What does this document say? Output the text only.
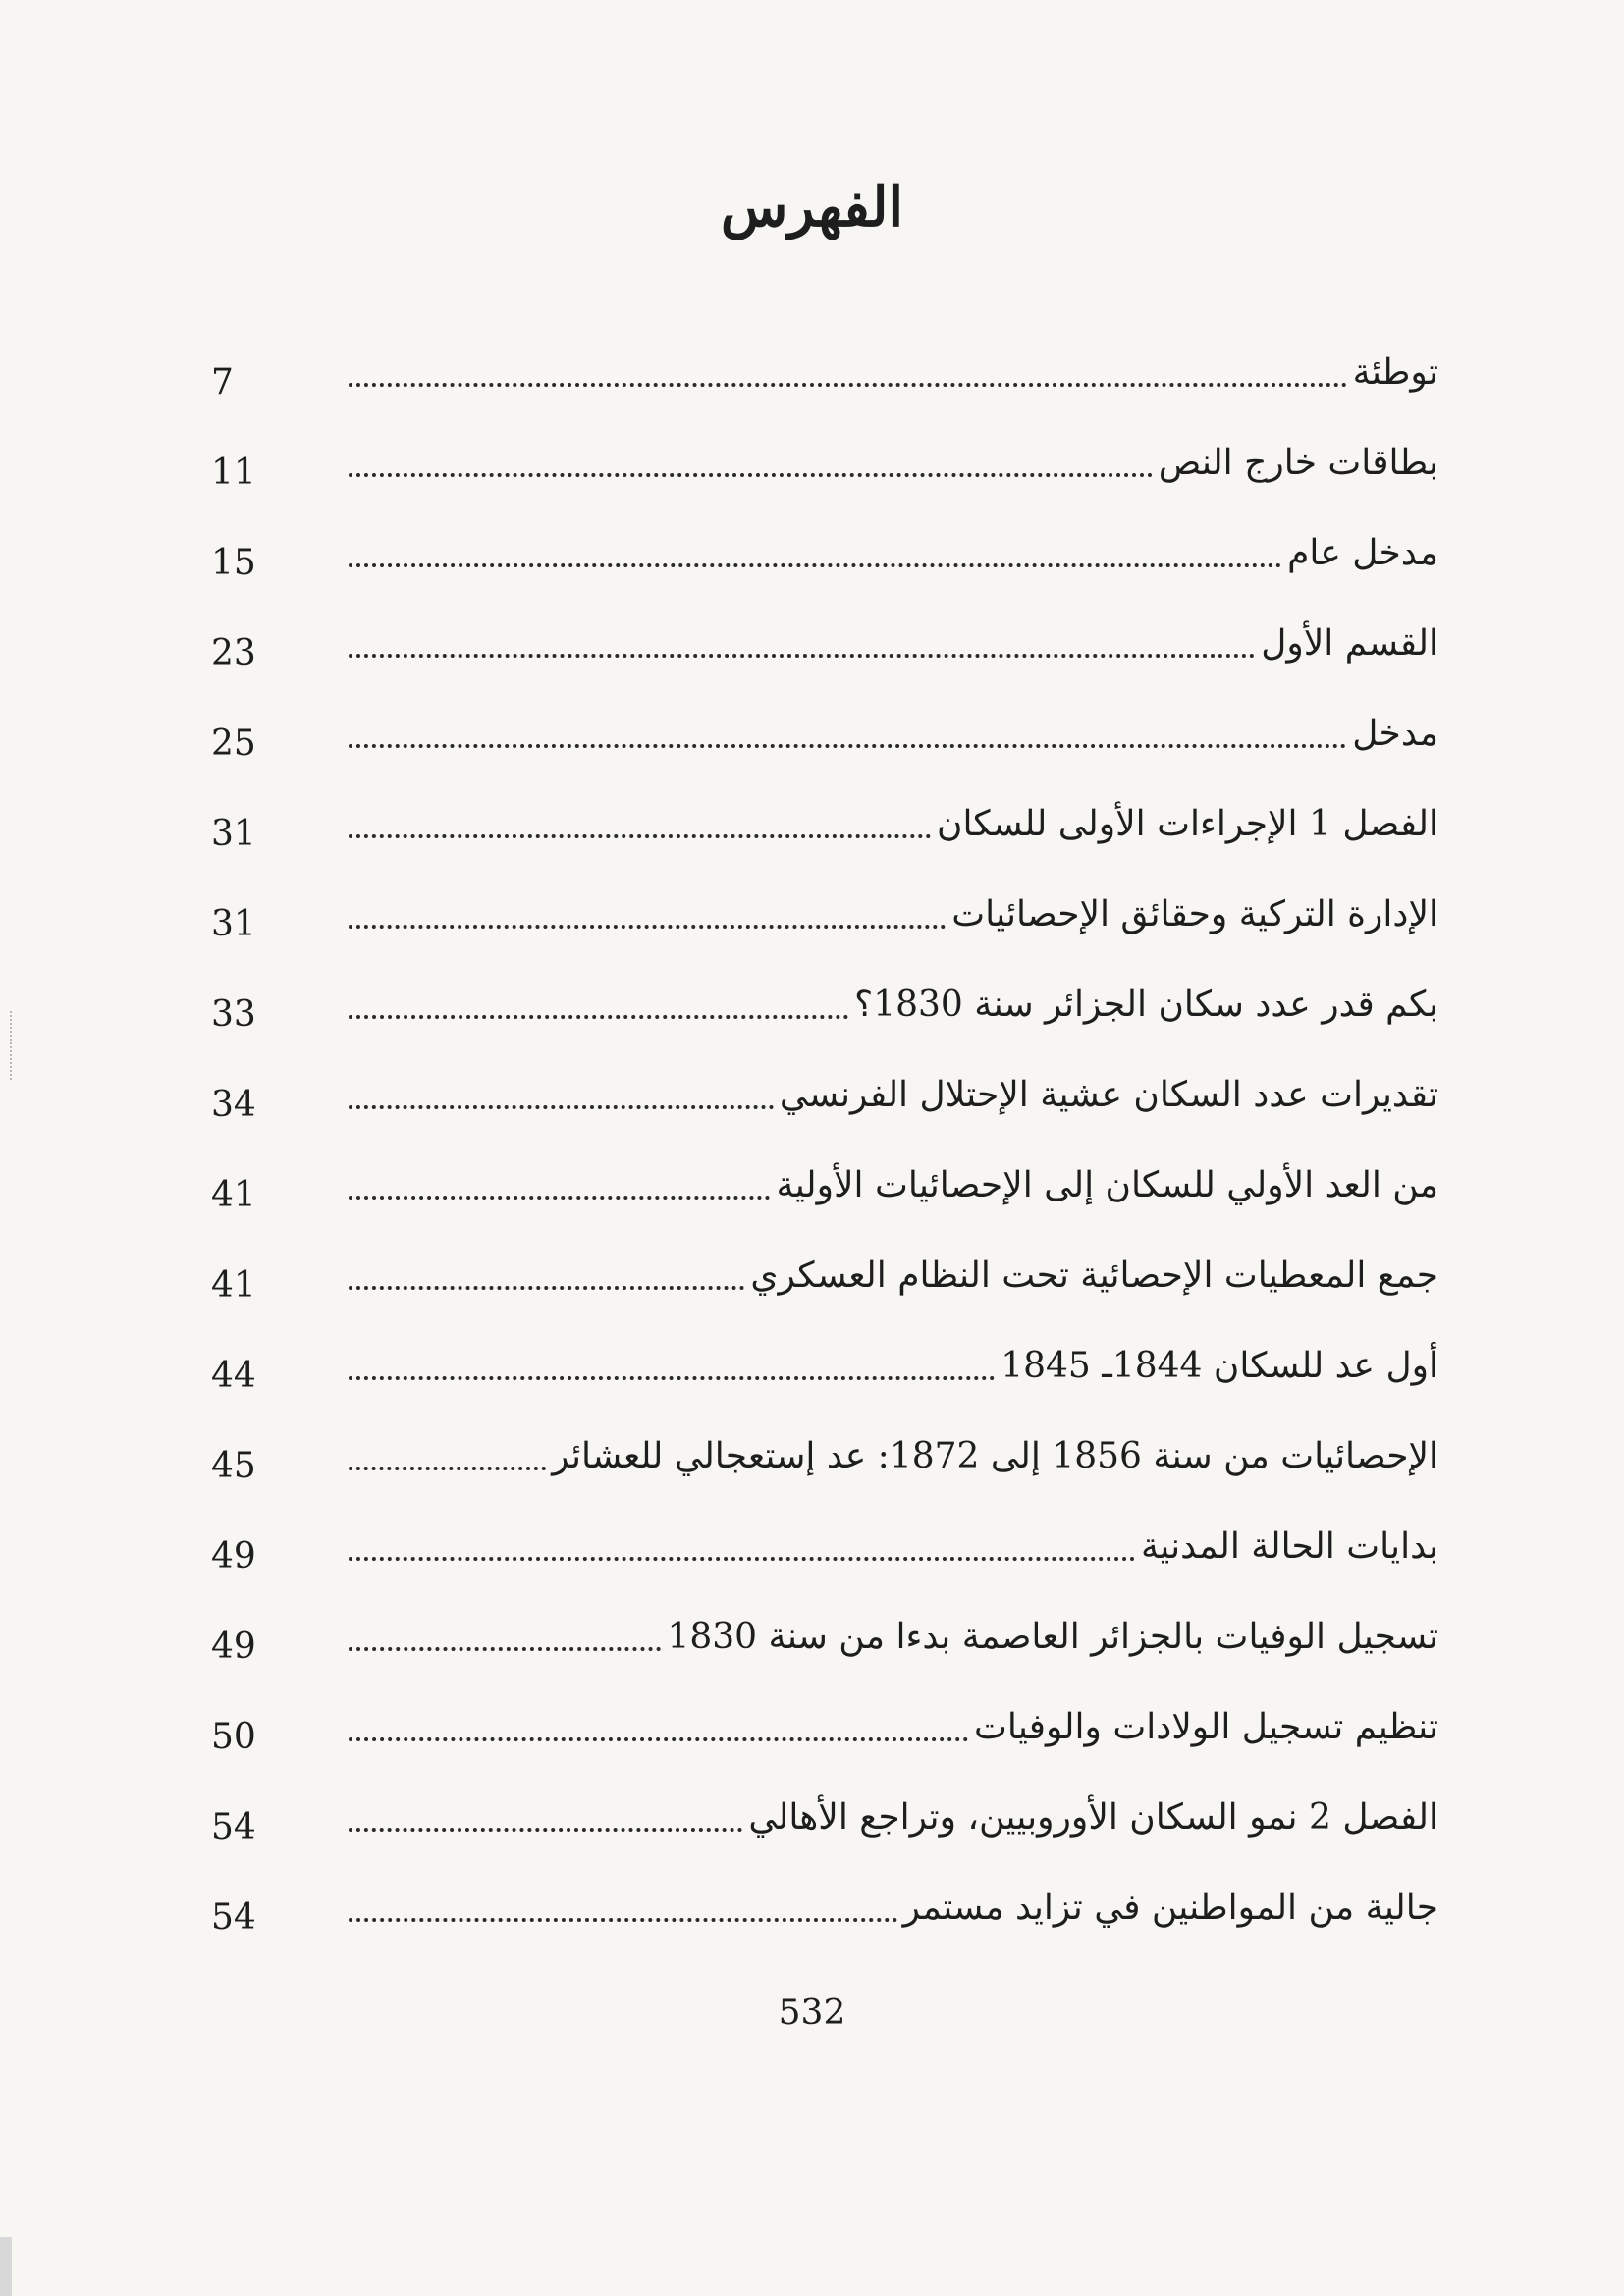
الفهرس
توطئة
7
بطاقات خارج النص
11
مدخل عام
15
القسم الأول
23
مدخل
25
الفصل 1 الإجراءات الأولى للسكان
31
الإدارة التركية وحقائق الإحصائيات
31
بكم قدر عدد سكان الجزائر سنة 1830؟
33
تقديرات عدد السكان عشية الإحتلال الفرنسي
34
من العد الأولي للسكان إلى الإحصائيات الأولية
41
جمع المعطيات الإحصائية تحت النظام العسكري
41
أول عد للسكان 1844ـ 1845
44
الإحصائيات من سنة 1856 إلى 1872: عد إستعجالي للعشائر
45
بدايات الحالة المدنية
49
تسجيل الوفيات بالجزائر العاصمة بدءا من سنة 1830
49
تنظيم تسجيل الولادات والوفيات
50
الفصل 2 نمو السكان الأوروبيين، وتراجع الأهالي
54
جالية من المواطنين في تزايد مستمر
54
532
